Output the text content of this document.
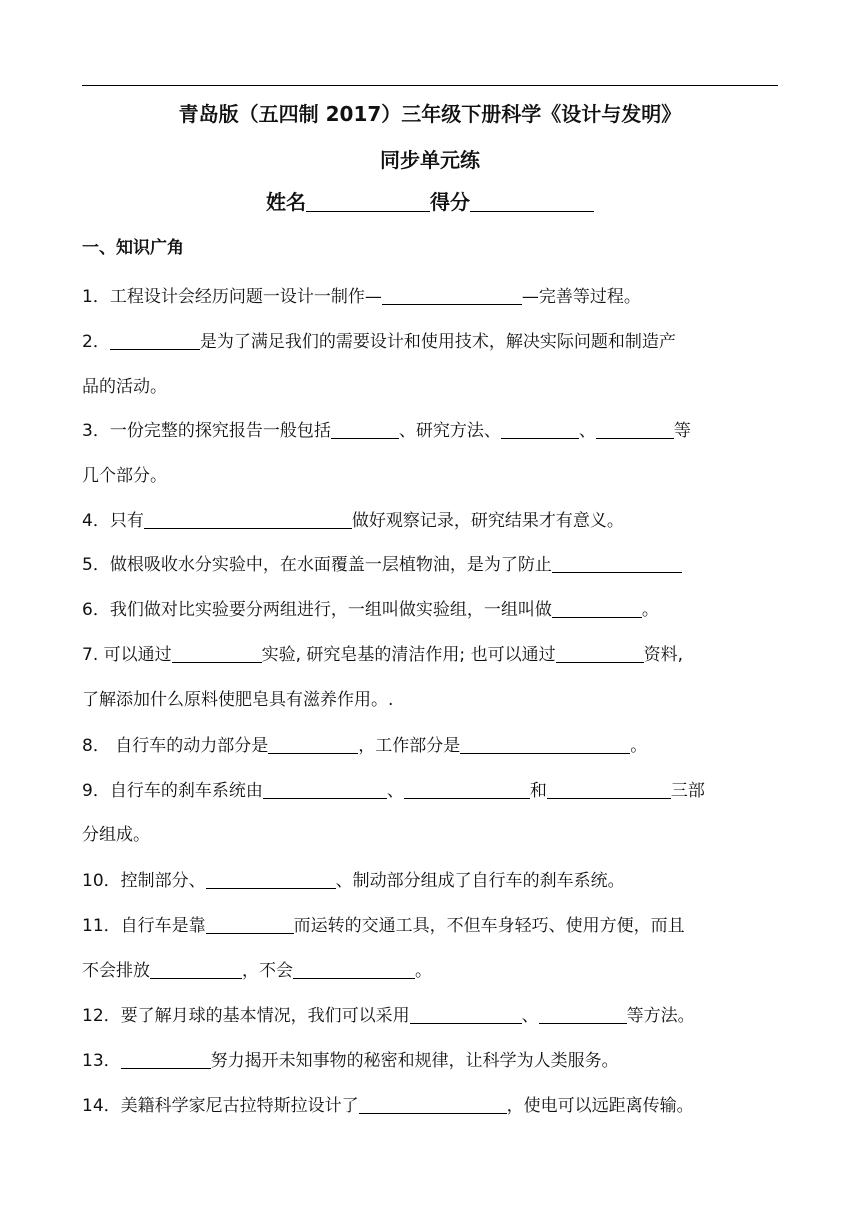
青岛版（五四制 2017）三年级下册科学《设计与发明》
同步单元练
姓名	得分
一、知识广角
1．工程设计会经历问题一设计一制作—	—完善等过程。
2．	是为了满足我们的需要设计和使用技术，解决实际问题和制造产
品的活动。
3．一份完整的探究报告一般包括	、研究方法、	、	等
几个部分。
4．只有	做好观察记录，研究结果才有意义。
5．做根吸收水分实验中，在水面覆盖一层植物油，是为了防止
6．我们做对比实验要分两组进行，一组叫做实验组，一组叫做	。
7. 可以通过	实验, 研究皂基的清洁作用; 也可以通过	资料,
了解添加什么原料使肥皂具有滋养作用。.
8． 自行车的动力部分是	，工作部分是	。
9．自行车的刹车系统由	、	和	三部
分组成。
10．控制部分、	、制动部分组成了自行车的刹车系统。
11．自行车是靠	而运转的交通工具，不但车身轻巧、使用方便，而且
不会排放	，不会	。
12．要了解月球的基本情况，我们可以采用	、	等方法。
13．	努力揭开未知事物的秘密和规律，让科学为人类服务。
14．美籍科学家尼古拉特斯拉设计了	，使电可以远距离传输。
